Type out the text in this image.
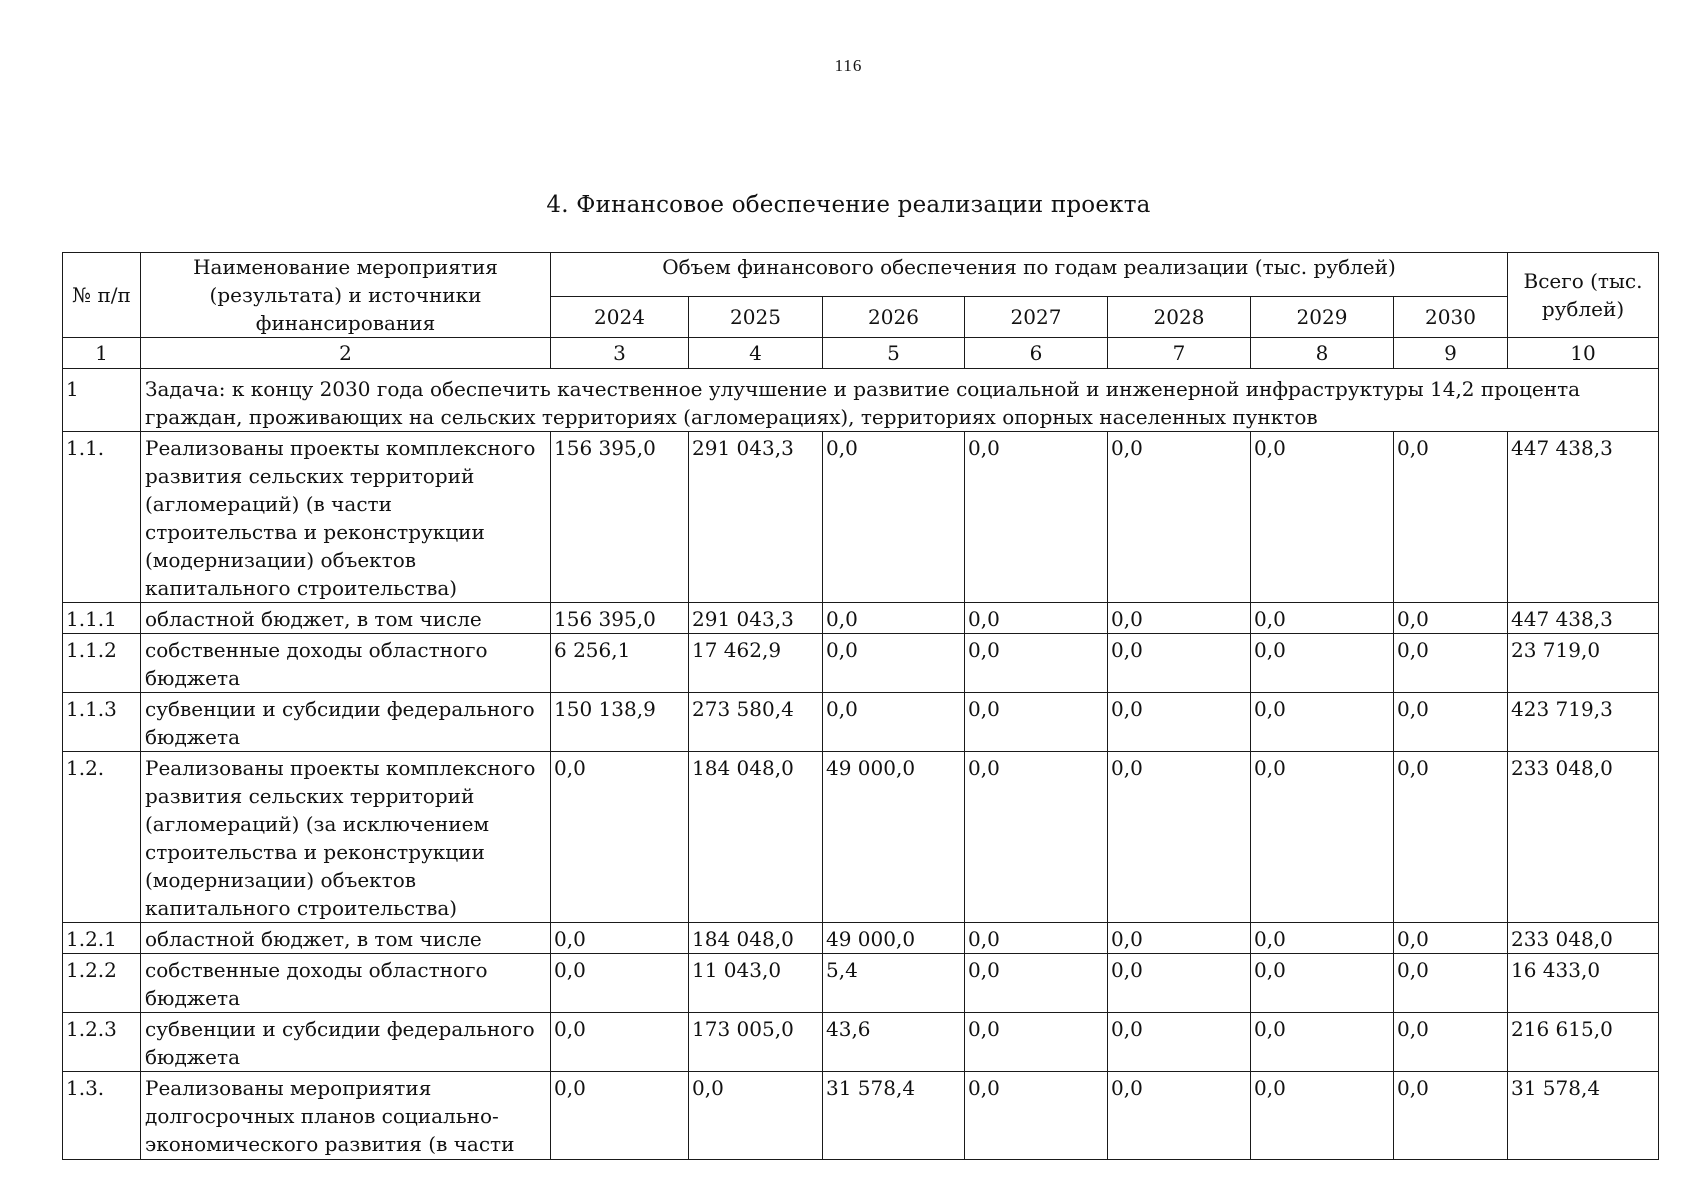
116
4. Финансовое обеспечение реализации проекта
№ п/п	Наименование мероприятия (результата) и источники финансирования	Объем финансового обеспечения по годам реализации (тыс. рублей)							Всего (тыс. рублей)
		2024	2025	2026	2027	2028	2029	2030	
1	2	3	4	5	6	7	8	9	10
1	Задача: к концу 2030 года обеспечить качественное улучшение и развитие социальной и инженерной инфраструктуры 14,2 процента граждан, проживающих на сельских территориях (агломерациях), территориях опорных населенных пунктов								
1.1.	Реализованы проекты комплексного развития сельских территорий (агломераций) (в части строительства и реконструкции (модернизации) объектов капитального строительства)	156 395,0	291 043,3	0,0	0,0	0,0	0,0	0,0	447 438,3
1.1.1	областной бюджет, в том числе	156 395,0	291 043,3	0,0	0,0	0,0	0,0	0,0	447 438,3
1.1.2	собственные доходы областного бюджета	6 256,1	17 462,9	0,0	0,0	0,0	0,0	0,0	23 719,0
1.1.3	субвенции и субсидии федерального бюджета	150 138,9	273 580,4	0,0	0,0	0,0	0,0	0,0	423 719,3
1.2.	Реализованы проекты комплексного развития сельских территорий (агломераций) (за исключением строительства и реконструкции (модернизации) объектов капитального строительства)	0,0	184 048,0	49 000,0	0,0	0,0	0,0	0,0	233 048,0
1.2.1	областной бюджет, в том числе	0,0	184 048,0	49 000,0	0,0	0,0	0,0	0,0	233 048,0
1.2.2	собственные доходы областного бюджета	0,0	11 043,0	5,4	0,0	0,0	0,0	0,0	16 433,0
1.2.3	субвенции и субсидии федерального бюджета	0,0	173 005,0	43,6	0,0	0,0	0,0	0,0	216 615,0
1.3.	Реализованы мероприятия долгосрочных планов социально-экономического развития (в части	0,0	0,0	31 578,4	0,0	0,0	0,0	0,0	31 578,4
